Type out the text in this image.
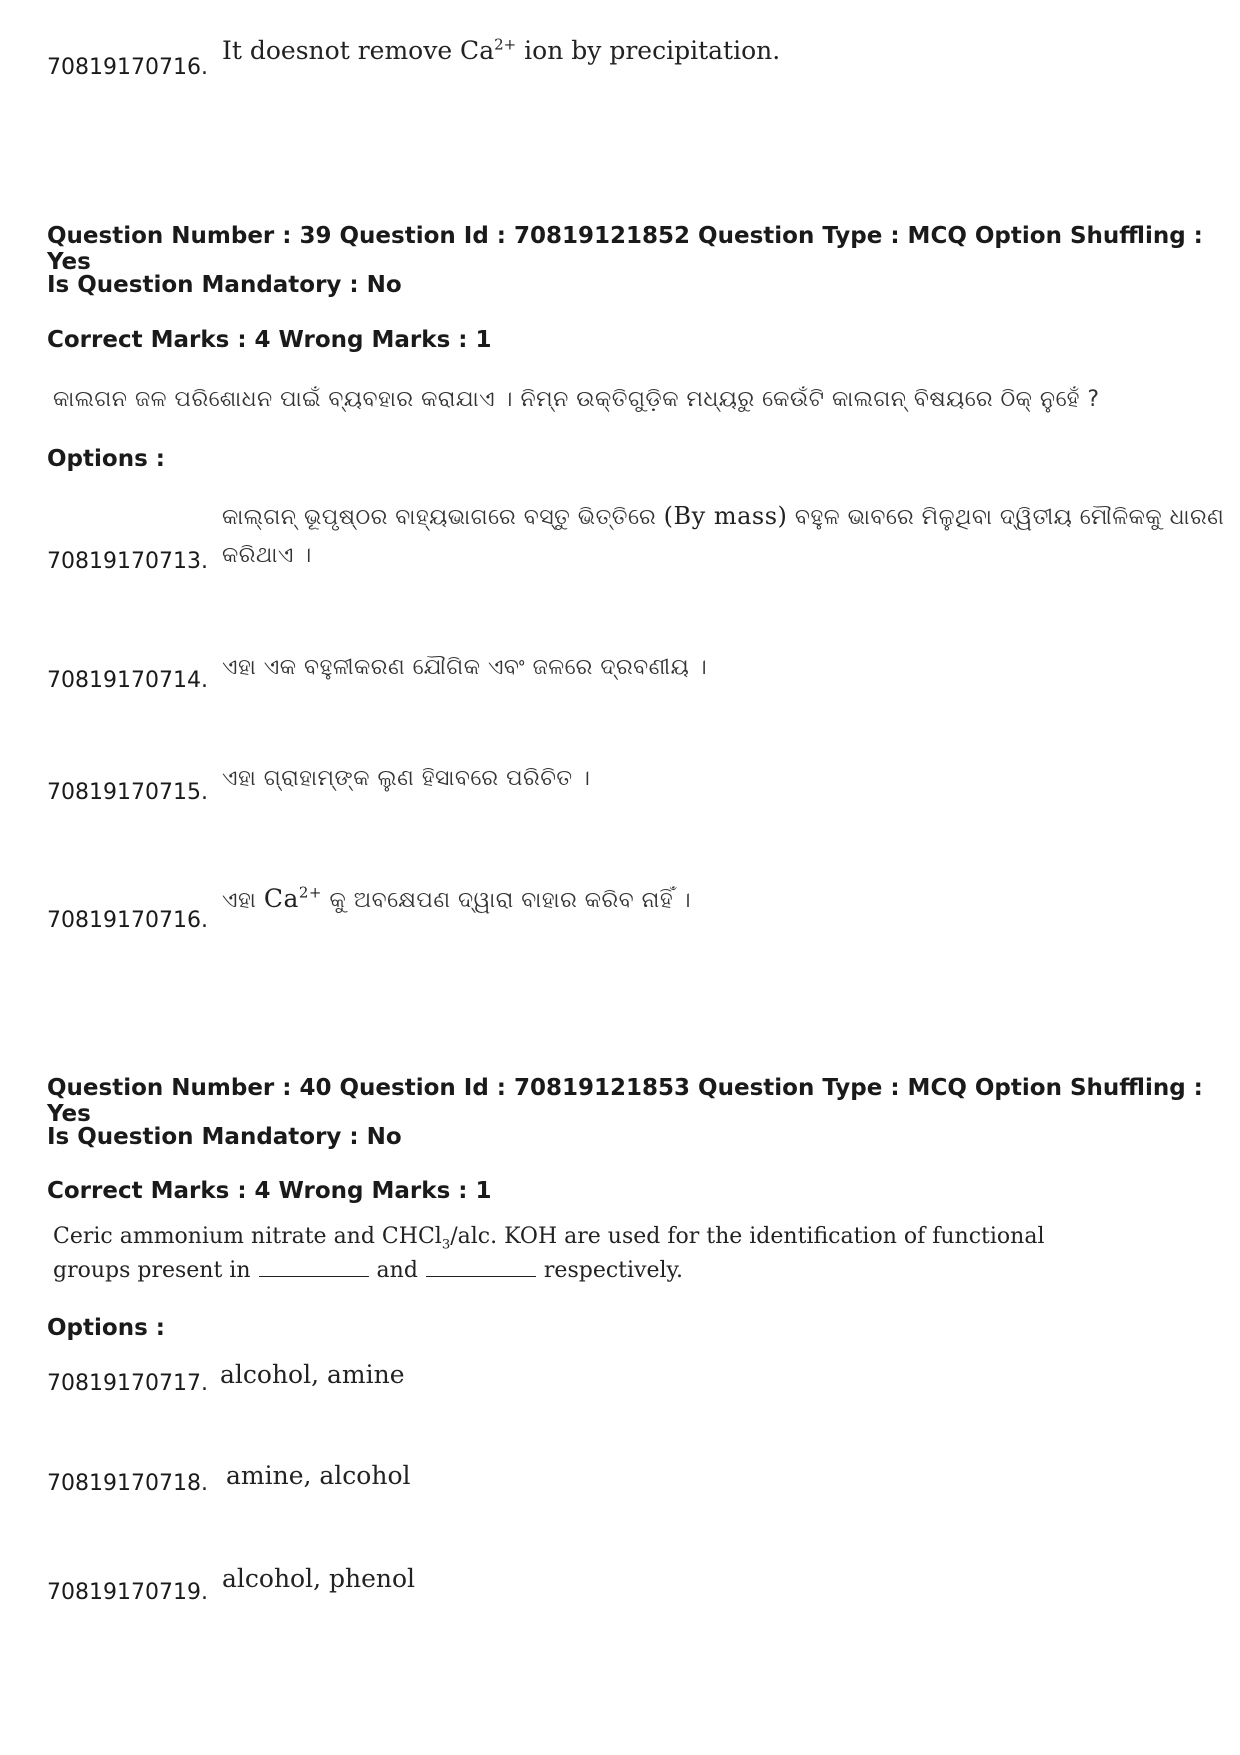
70819170716.
It doesnot remove $Ca^{2+}$ ion by precipitation.
Question Number : 39 Question Id : 70819121852 Question Type : MCQ Option Shuffling : Yes
Is Question Mandatory : No
Correct Marks : 4 Wrong Marks : 1
କାଲଗନ ଜଳ ପରିଶୋଧନ ପାଇଁ ବ୍ୟବହାର କରାଯାଏ । ନିମ୍ନ ଉକ୍ତିଗୁଡ଼ିକ ମଧ୍ୟରୁ କେଉଁଟି କାଲଗନ୍ ବିଷୟରେ ଠିକ୍ ନୁହେଁ ?
Options :
70819170713.
କାଲ୍ଗନ୍ ଭୂପୃଷ୍ଠର ବାହ୍ୟଭାଗରେ ବସ୍ତୁ ଭିତ୍ତିରେ (By mass) ବହୁଳ ଭାବରେ ମିଳୁଥିବା ଦ୍ୱିତୀୟ ମୌଳିକକୁ ଧାରଣ
କରିଥାଏ ।
70819170714.
ଏହା ଏକ ବହୁଳୀକରଣ ଯୌଗିକ ଏବଂ ଜଳରେ ଦ୍ରବଣୀୟ ।
70819170715.
ଏହା ଗ୍ରାହାମ୍ଙ୍କ ଲୁଣ ହିସାବରେ ପରିଚିତ ।
70819170716.
ଏହା $Ca^{2+}$ କୁ ଅବକ୍ଷେପଣ ଦ୍ୱାରା ବାହାର କରିବ ନାହିଁ ।
Question Number : 40 Question Id : 70819121853 Question Type : MCQ Option Shuffling : Yes
Is Question Mandatory : No
Correct Marks : 4 Wrong Marks : 1
Ceric ammonium nitrate and CHCl$_3$/alc. KOH are used for the identification of functional
groups present in	and	respectively.
Options :
70819170717. alcohol, amine
70819170718. amine, alcohol
70819170719. alcohol, phenol
